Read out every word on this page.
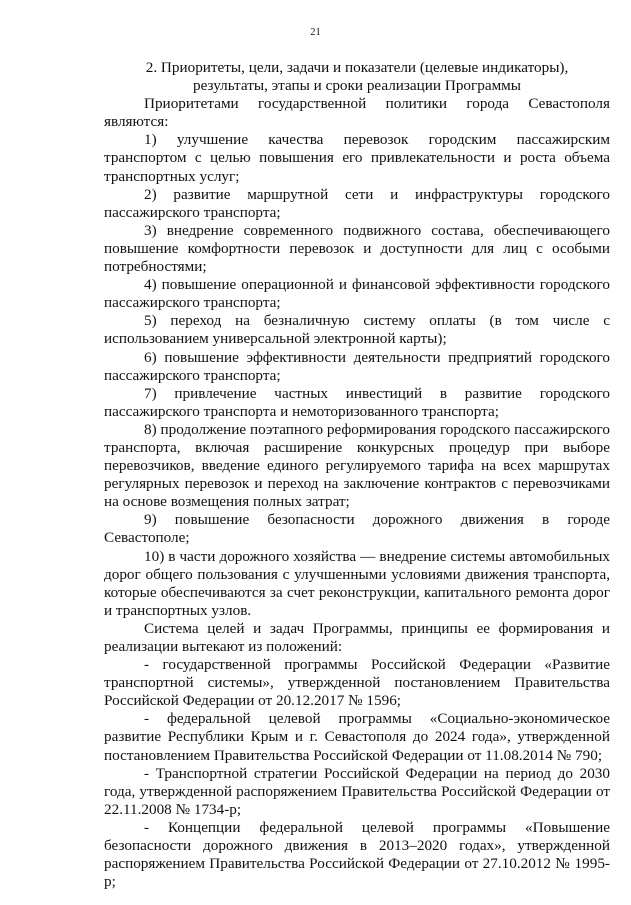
21
2. Приоритеты, цели, задачи и показатели (целевые индикаторы),
результаты, этапы и сроки реализации Программы

Приоритетами государственной политики города Севастополя являются:

1) улучшение качества перевозок городским пассажирским транспортом с целью повышения его привлекательности и роста объема транспортных услуг;

2) развитие маршрутной сети и инфраструктуры городского пассажирского транспорта;

3) внедрение современного подвижного состава, обеспечивающего повышение комфортности перевозок и доступности для лиц с особыми потребностями;

4) повышение операционной и финансовой эффективности городского пассажирского транспорта;

5) переход на безналичную систему оплаты (в том числе с использованием универсальной электронной карты);

6) повышение эффективности деятельности предприятий городского пассажирского транспорта;

7) привлечение частных инвестиций в развитие городского пассажирского транспорта и немоторизованного транспорта;

8) продолжение поэтапного реформирования городского пассажирского транспорта, включая расширение конкурсных процедур при выборе перевозчиков, введение единого регулируемого тарифа на всех маршрутах регулярных перевозок и переход на заключение контрактов с перевозчиками на основе возмещения полных затрат;

9) повышение безопасности дорожного движения в городе Севастополе;

10) в части дорожного хозяйства — внедрение системы автомобильных дорог общего пользования с улучшенными условиями движения транспорта, которые обеспечиваются за счет реконструкции, капитального ремонта дорог и транспортных узлов.

Система целей и задач Программы, принципы ее формирования и реализации вытекают из положений:

- государственной программы Российской Федерации «Развитие транспортной системы», утвержденной постановлением Правительства Российской Федерации от 20.12.2017 № 1596;

- федеральной целевой программы «Социально-экономическое развитие Республики Крым и г. Севастополя до 2024 года», утвержденной постановлением Правительства Российской Федерации от 11.08.2014 № 790;

- Транспортной стратегии Российской Федерации на период до 2030 года, утвержденной распоряжением Правительства Российской Федерации от 22.11.2008 № 1734-р;

- Концепции федеральной целевой программы «Повышение безопасности дорожного движения в 2013–2020 годах», утвержденной распоряжением Правительства Российской Федерации от 27.10.2012 № 1995-р;
